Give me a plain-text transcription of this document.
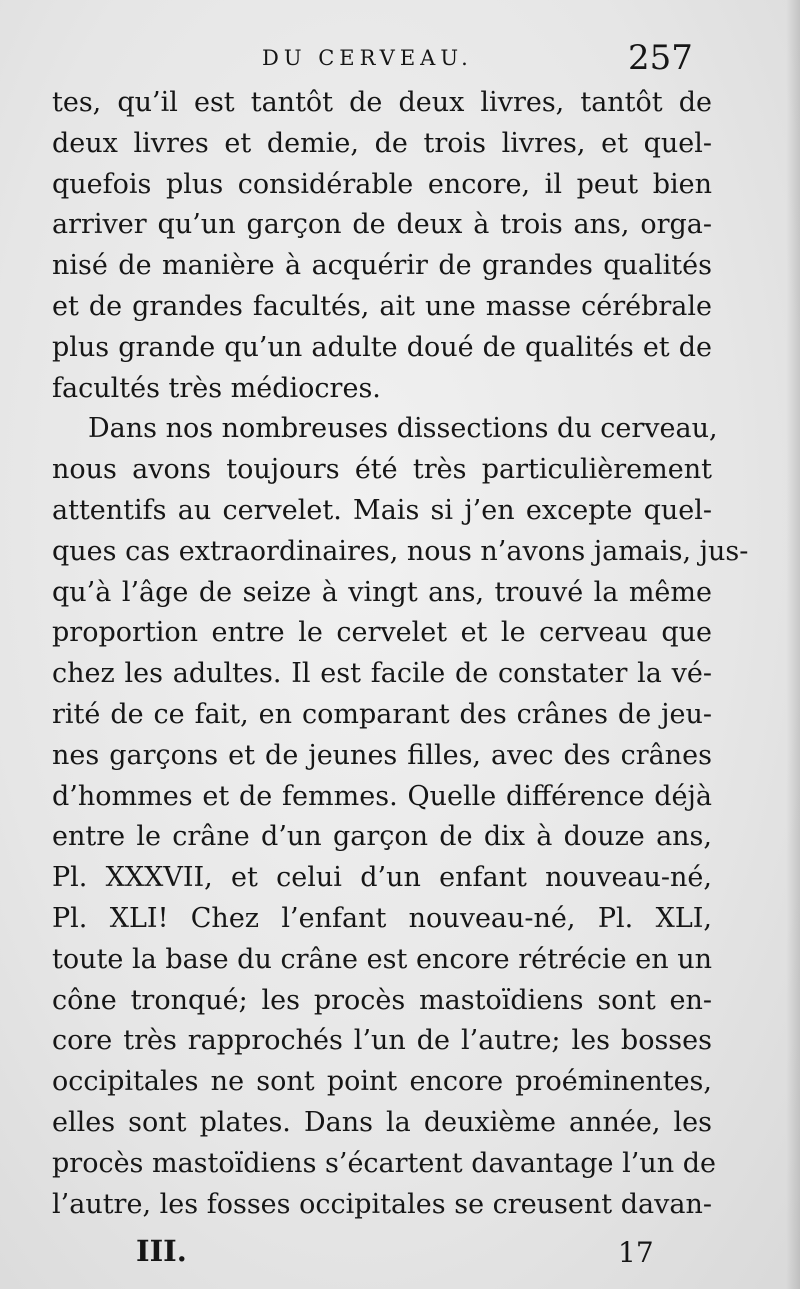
DU CERVEAU.	257
tes, qu’il est tantôt de deux livres, tantôt de
deux livres et demie, de trois livres, et quel-
quefois plus considérable encore, il peut bien
arriver qu’un garçon de deux à trois ans, orga-
nisé de manière à acquérir de grandes qualités
et de grandes facultés, ait une masse cérébrale
plus grande qu’un adulte doué de qualités et de
facultés très médiocres.
Dans nos nombreuses dissections du cerveau,
nous avons toujours été très particulièrement
attentifs au cervelet. Mais si j’en excepte quel-
ques cas extraordinaires, nous n’avons jamais, jus-
qu’à l’âge de seize à vingt ans, trouvé la même
proportion entre le cervelet et le cerveau que
chez les adultes. Il est facile de constater la vé-
rité de ce fait, en comparant des crânes de jeu-
nes garçons et de jeunes filles, avec des crânes
d’hommes et de femmes. Quelle différence déjà
entre le crâne d’un garçon de dix à douze ans,
Pl. XXXVII, et celui d’un enfant nouveau-né,
Pl. XLI! Chez l’enfant nouveau-né, Pl. XLI,
toute la base du crâne est encore rétrécie en un
cône tronqué; les procès mastoïdiens sont en-
core très rapprochés l’un de l’autre; les bosses
occipitales ne sont point encore proéminentes,
elles sont plates. Dans la deuxième année, les
procès mastoïdiens s’écartent davantage l’un de
l’autre, les fosses occipitales se creusent davan-
III.	17
